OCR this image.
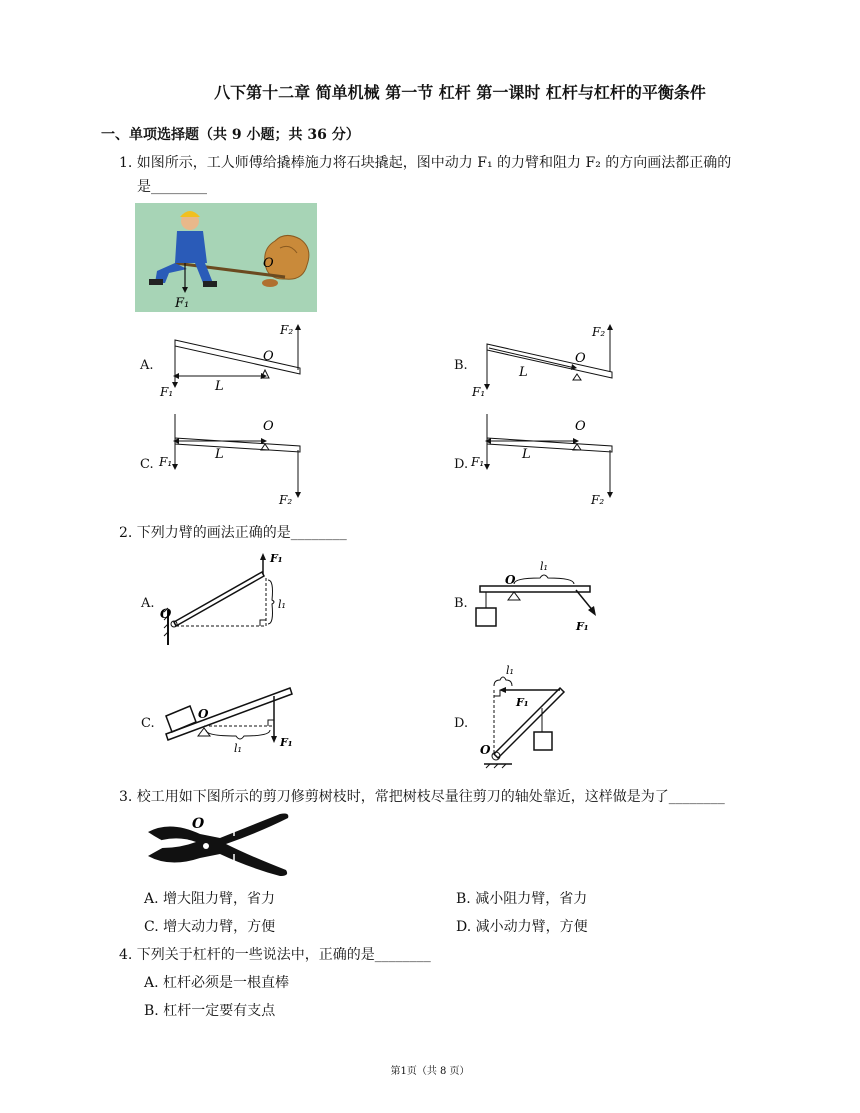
八下第十二章 简单机械 第一节 杠杆 第一课时 杠杆与杠杆的平衡条件
一、单项选择题（共 9 小题；共 36 分）
1. 如图所示，工人师傅给撬棒施力将石块撬起，图中动力 F₁ 的力臂和阻力 F₂ 的方向画法都正确的
是________
O
F₁
A.
O
L
F₁
F₂
B.	O
L
F₁
F₂
C.
O
L
F₁
F₂
D.
O
L
F₁
F₂
2. 下列力臂的画法正确的是________
A.
O
F₁
l₁	B.
O
l₁
F₁
C.
O
l₁	F₁
D.
l₁
F₁
O
3. 校工用如下图所示的剪刀修剪树枝时，常把树枝尽量往剪刀的轴处靠近，这样做是为了________
O
A. 增大阻力臂，省力	B. 减小阻力臂，省力
C. 增大动力臂，方便	D. 减小动力臂，方便
4. 下列关于杠杆的一些说法中，正确的是________
A. 杠杆必须是一根直棒
B. 杠杆一定要有支点
第1页（共 8 页）
